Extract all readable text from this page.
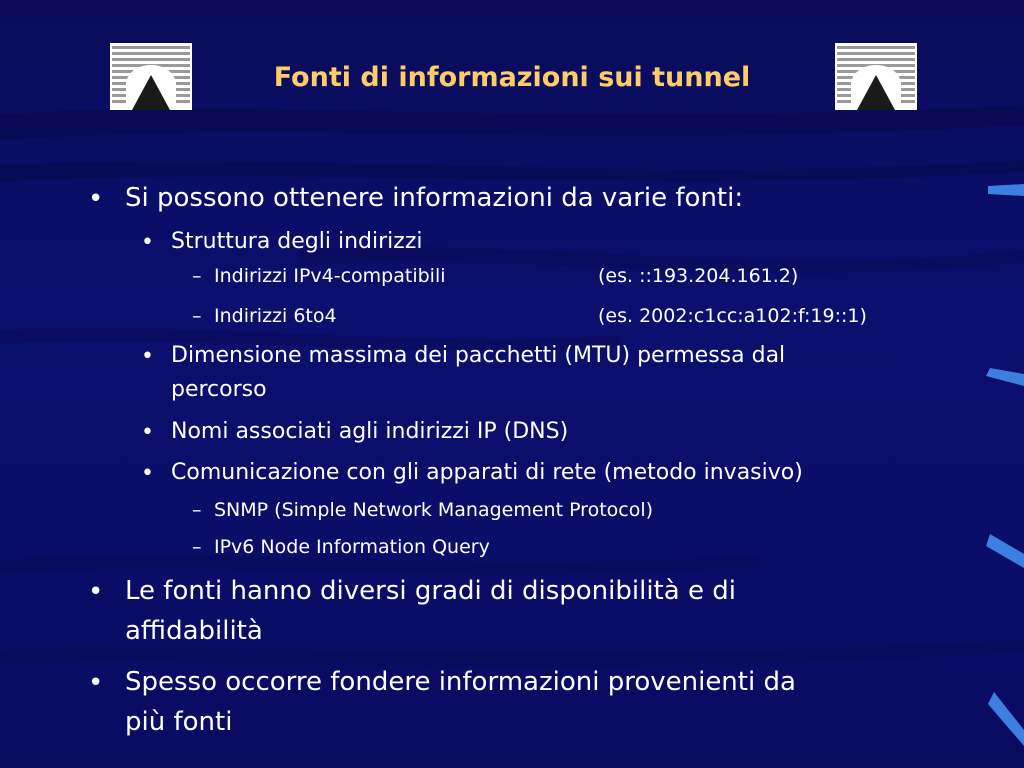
Fonti di informazioni sui tunnel
• Si possono ottenere informazioni da varie fonti:
• Struttura degli indirizzi
– Indirizzi IPv4-compatibili	(es. ::193.204.161.2)
– Indirizzi 6to4	(es. 2002:c1cc:a102:f:19::1)
• Dimensione massima dei pacchetti (MTU) permessa dal
percorso
• Nomi associati agli indirizzi IP (DNS)
• Comunicazione con gli apparati di rete (metodo invasivo)
– SNMP (Simple Network Management Protocol)
– IPv6 Node Information Query
• Le fonti hanno diversi gradi di disponibilità e di
affidabilità
• Spesso occorre fondere informazioni provenienti da
più fonti
